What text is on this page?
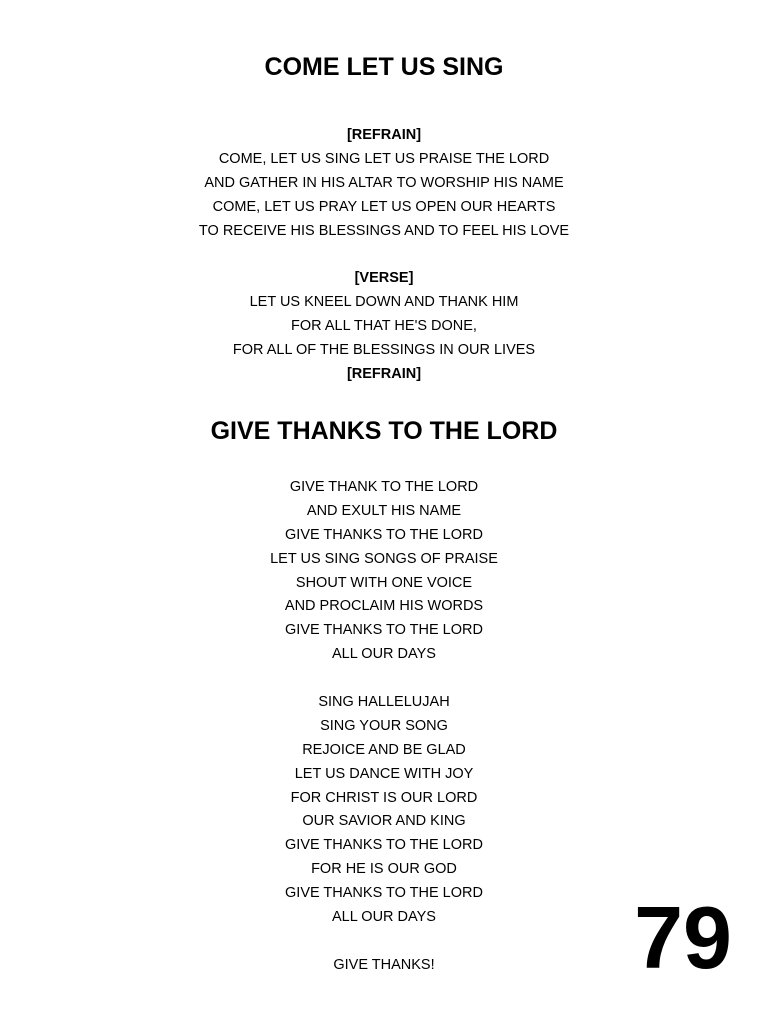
COME LET US SING
[REFRAIN]
COME, LET US SING LET US PRAISE THE LORD
AND GATHER IN HIS ALTAR TO WORSHIP HIS NAME
COME, LET US PRAY LET US OPEN OUR HEARTS
TO RECEIVE HIS BLESSINGS AND TO FEEL HIS LOVE
[VERSE]
LET US KNEEL DOWN AND THANK HIM
FOR ALL THAT HE'S DONE,
FOR ALL OF THE BLESSINGS IN OUR LIVES
[REFRAIN]
GIVE THANKS TO THE LORD
GIVE THANK TO THE LORD
AND EXULT HIS NAME
GIVE THANKS TO THE LORD
LET US SING SONGS OF PRAISE
SHOUT WITH ONE VOICE
AND PROCLAIM HIS WORDS
GIVE THANKS TO THE LORD
ALL OUR DAYS
SING HALLELUJAH
SING YOUR SONG
REJOICE AND BE GLAD
LET US DANCE WITH JOY
FOR CHRIST IS OUR LORD
OUR SAVIOR AND KING
GIVE THANKS TO THE LORD
FOR HE IS OUR GOD
GIVE THANKS TO THE LORD
ALL OUR DAYS
GIVE THANKS!	79
